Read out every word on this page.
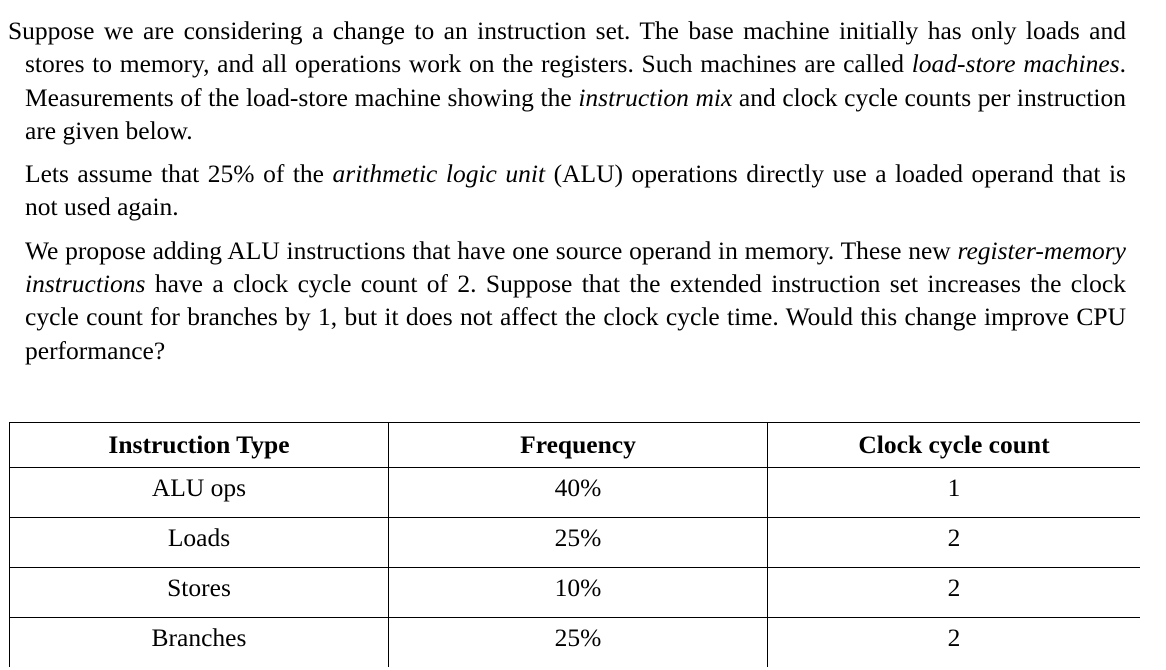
Suppose we are considering a change to an instruction set. The base machine initially has only loads and stores to memory, and all operations work on the registers. Such machines are called load-store machines. Measurements of the load-store machine showing the instruction mix and clock cycle counts per instruction are given below.

Lets assume that 25% of the arithmetic logic unit (ALU) operations directly use a loaded operand that is not used again.

We propose adding ALU instructions that have one source operand in memory. These new register-memory instructions have a clock cycle count of 2. Suppose that the extended instruction set increases the clock cycle count for branches by 1, but it does not affect the clock cycle time. Would this change improve CPU performance?

Instruction Type	Frequency	Clock cycle count
ALU ops	40%	1
Loads	25%	2
Stores	10%	2
Branches	25%	2
